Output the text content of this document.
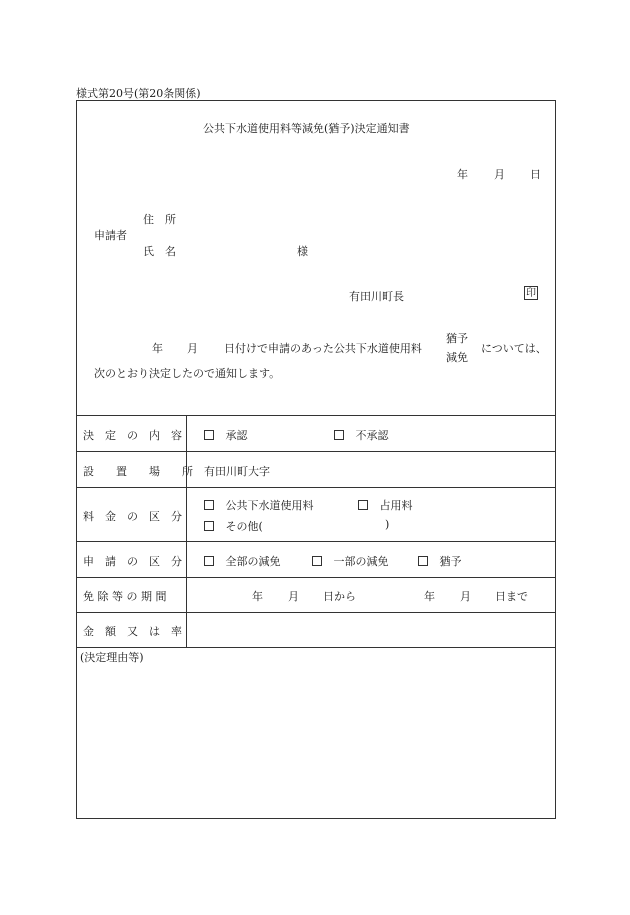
様式第20号(第20条関係)
公共下水道使用料等減免(猶予)決定通知書
年 月 日
申請者
住　所
氏　名	様
有田川町長	印
年 月 日付けで申請のあった公共下水道使用料
猶予
減免
については、
次のとおり決定したので通知します。
決　定　の　内　容	承認	不承認
設　　置　　場　　所 有田川町大字
料　金　の　区　分
公共下水道使用料	占用料
その他(	)
申　請　の　区　分	全部の減免	一部の減免	猶予
免 除 等 の 期 間	年 月 日から	年 月 日まで
金　額　又　は　率
(決定理由等)
